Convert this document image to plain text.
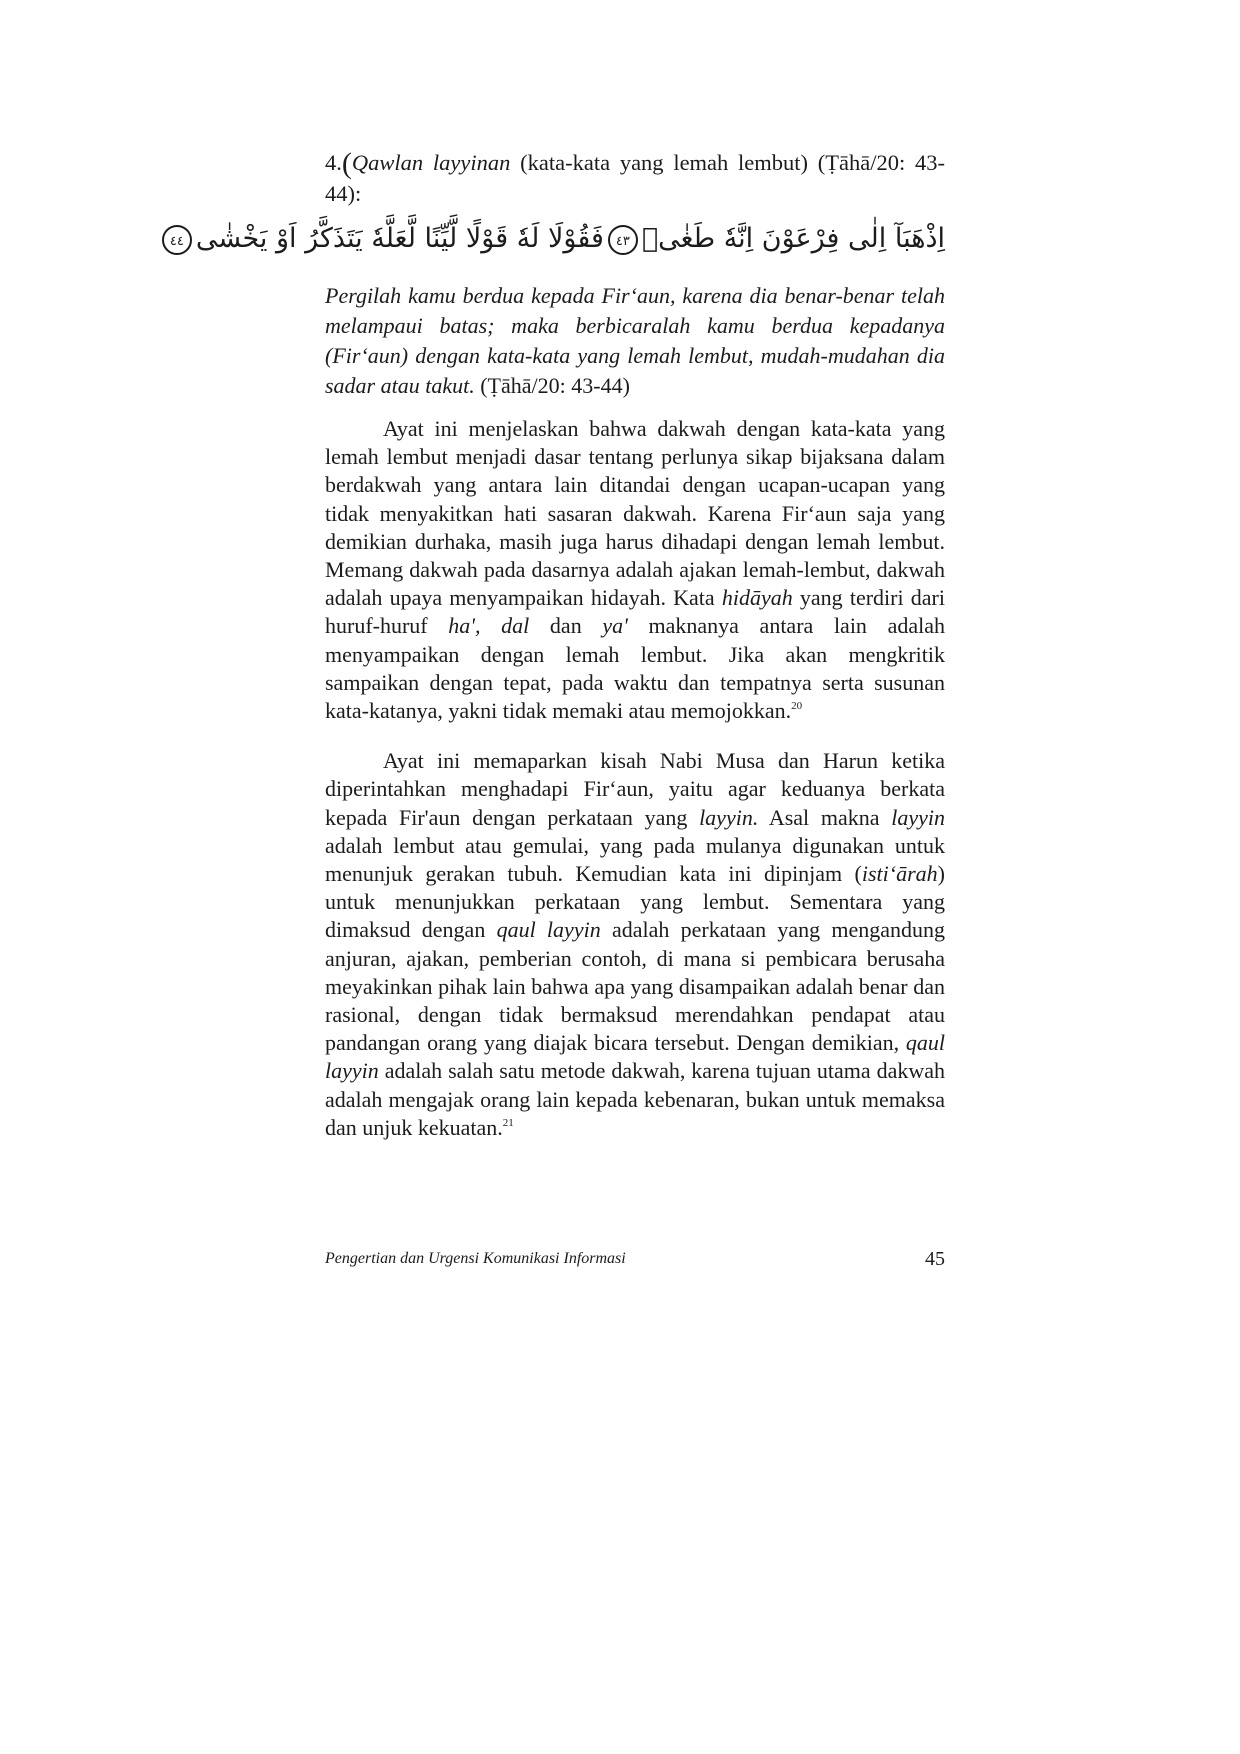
4.(Qawlan layyinan (kata-kata yang lemah lembut) (Ṭāhā/20: 43-44):
اِذْهَبَآ اِلٰى فِرْعَوْنَ اِنَّهٗ طَغٰىۚ٤٣فَقُوْلَا لَهٗ قَوْلًا لَّيِّنًا لَّعَلَّهٗ يَتَذَكَّرُ اَوْ يَخْشٰى٤٤
Pergilah kamu berdua kepada Fir‘aun, karena dia benar-benar telah melampaui batas; maka berbicaralah kamu berdua kepadanya (Fir‘aun) dengan kata-kata yang lemah lembut, mudah-mudahan dia sadar atau takut. (Ṭāhā/20: 43-44)

Ayat ini menjelaskan bahwa dakwah dengan kata-kata yang lemah lembut menjadi dasar tentang perlunya sikap bijaksana dalam berdakwah yang antara lain ditandai dengan ucapan-ucapan yang tidak menyakitkan hati sasaran dakwah. Karena Fir‘aun saja yang demikian durhaka, masih juga harus dihadapi dengan lemah lembut. Memang dakwah pada dasarnya adalah ajakan lemah-lembut, dakwah adalah upaya menyampaikan hidayah. Kata hidāyah yang terdiri dari huruf-huruf ha', dal dan ya' maknanya antara lain adalah menyampaikan dengan lemah lembut. Jika akan mengkritik sampaikan dengan tepat, pada waktu dan tempatnya serta susunan kata-katanya, yakni tidak memaki atau memojokkan.$^{20}$

Ayat ini memaparkan kisah Nabi Musa dan Harun ketika diperintahkan menghadapi Fir‘aun, yaitu agar keduanya berkata kepada Fir'aun dengan perkataan yang layyin. Asal makna layyin adalah lembut atau gemulai, yang pada mulanya digunakan untuk menunjuk gerakan tubuh. Kemudian kata ini dipinjam (isti‘ārah) untuk menunjukkan perkataan yang lembut. Sementara yang dimaksud dengan qaul layyin adalah perkataan yang mengandung anjuran, ajakan, pemberian contoh, di mana si pembicara berusaha meyakinkan pihak lain bahwa apa yang disampaikan adalah benar dan rasional, dengan tidak bermaksud merendahkan pendapat atau pandangan orang yang diajak bicara tersebut. Dengan demikian, qaul layyin adalah salah satu metode dakwah, karena tujuan utama dakwah adalah mengajak orang lain kepada kebenaran, bukan untuk memaksa dan unjuk kekuatan.$^{21}$

Pengertian dan Urgensi Komunikasi Informasi	45
